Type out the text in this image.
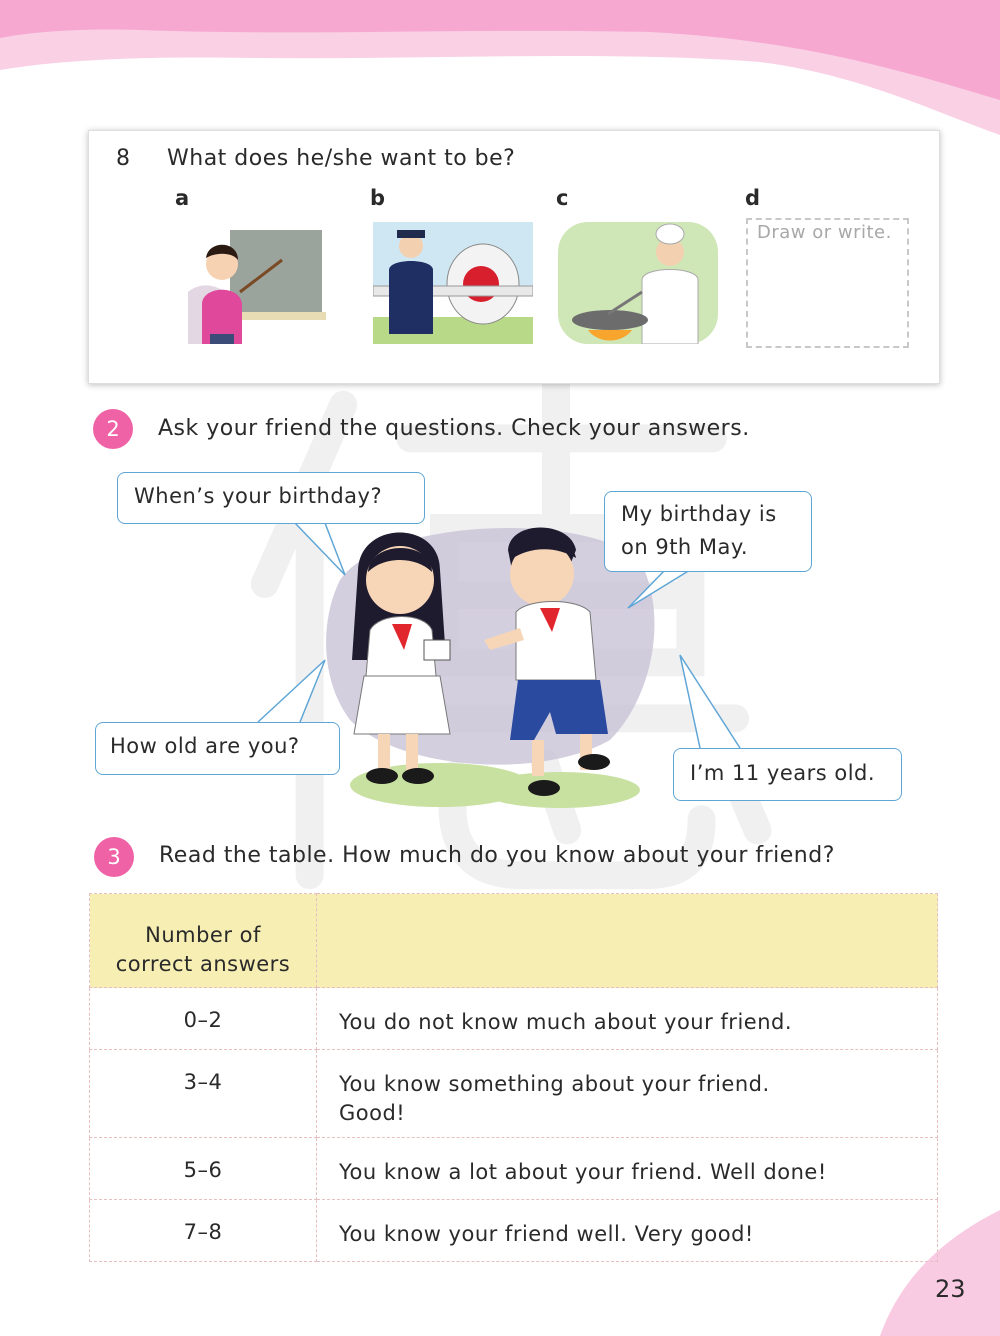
8 What does he/she want to be?
a	b	c	d
Draw or write.
2	Ask your friend the questions. Check your answers.
When’s your birthday?
My birthday is
on 9th May.
How old are you?
I’m 11 years old.
3	Read the table. How much do you know about your friend?
Number of
correct answers	

0–2	You do not know much about your friend.
3–4	You know something about your friend.
Good!

5–6	You know a lot about your friend. Well done!
7–8	You know your friend well. Very good!
23
